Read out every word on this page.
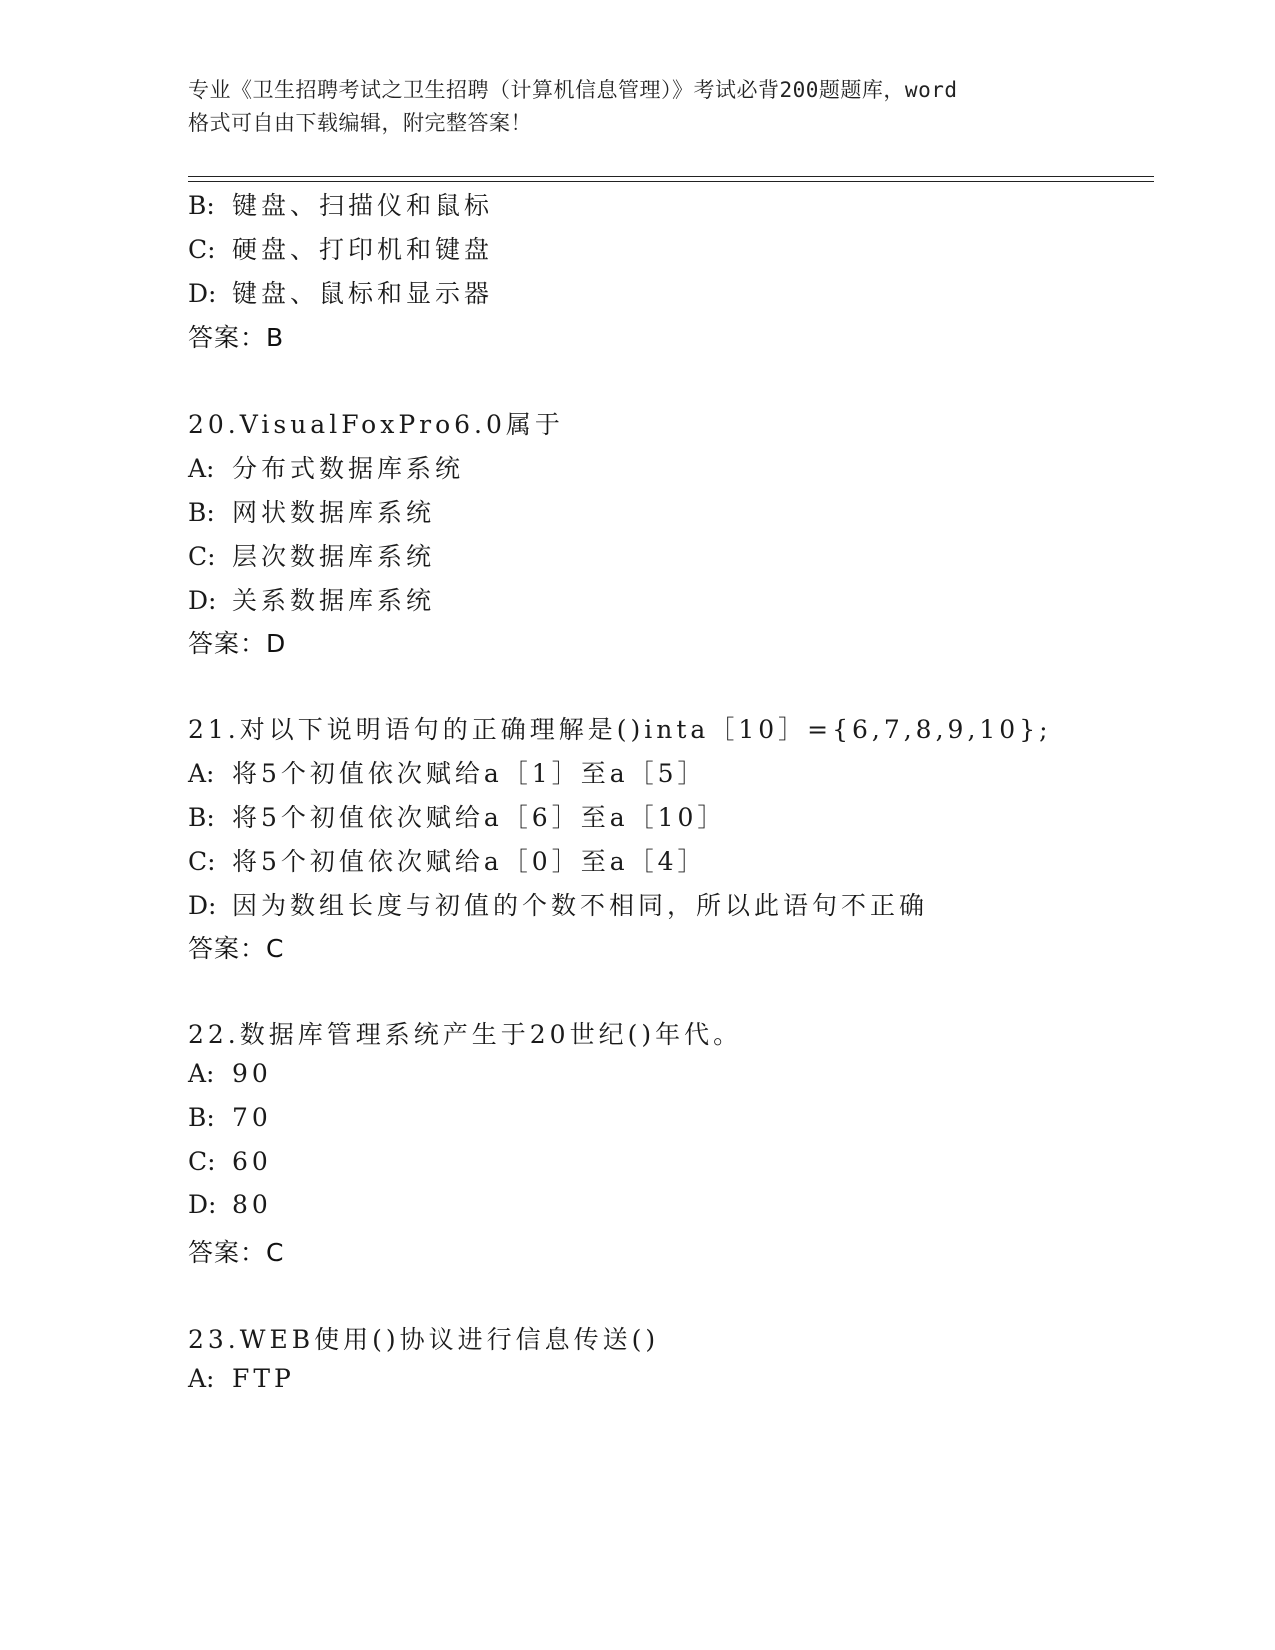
专业《卫生招聘考试之卫生招聘（计算机信息管理）》考试必背200题题库，word
格式可自由下载编辑，附完整答案！
B: 键盘、扫描仪和鼠标
C: 硬盘、打印机和键盘
D: 键盘、鼠标和显示器
答案：B
20.VisualFoxPro6.0属于
A: 分布式数据库系统
B: 网状数据库系统
C: 层次数据库系统
D: 关系数据库系统
答案：D
21.对以下说明语句的正确理解是()inta［10］={6,7,8,9,10};
A: 将5个初值依次赋给a［1］至a［5］
B: 将5个初值依次赋给a［6］至a［10］
C: 将5个初值依次赋给a［0］至a［4］
D: 因为数组长度与初值的个数不相同，所以此语句不正确
答案：C
22.数据库管理系统产生于20世纪()年代。
A: 90
B: 70
C: 60
D: 80
答案：C
23.WEB使用()协议进行信息传送()
A: FTP
